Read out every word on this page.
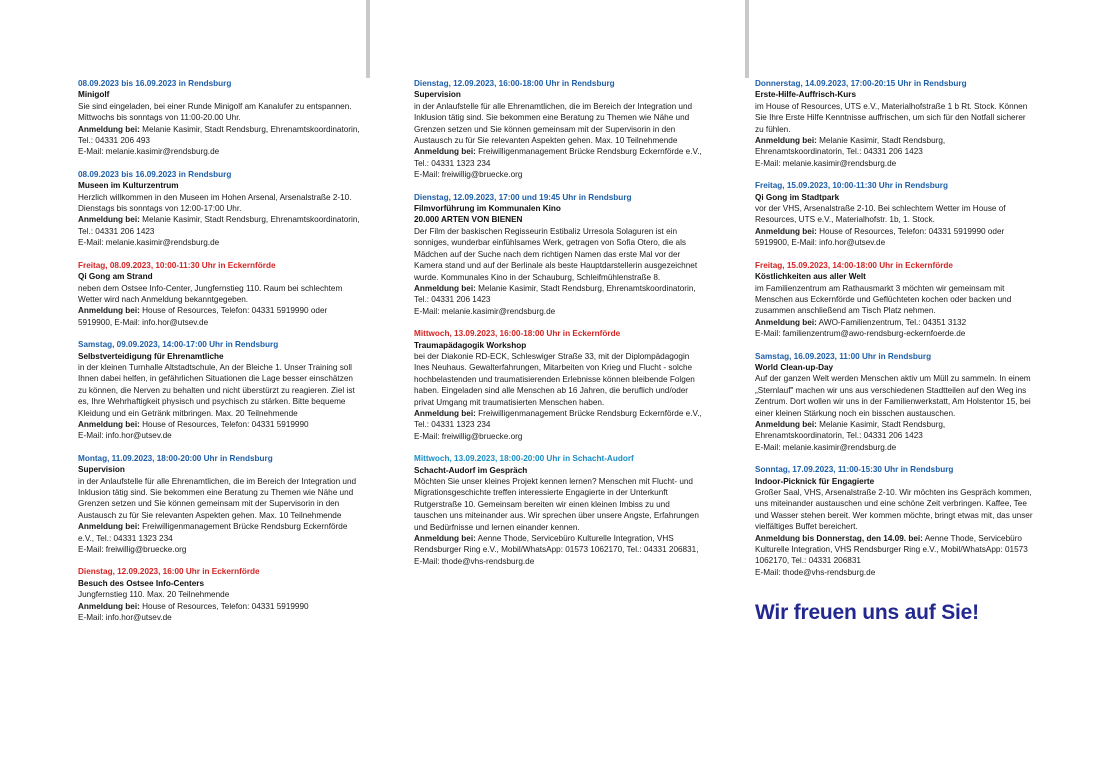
08.09.2023 bis 16.09.2023 in Rendsburg
Minigolf

Sie sind eingeladen, bei einer Runde Minigolf am Kanalufer zu entspannen. Mittwochs bis sonntags von 11:00-20.00 Uhr.

Anmeldung bei: Melanie Kasimir, Stadt Rendsburg, Ehrenamtskoordinatorin, Tel.: 04331 206 493

E-Mail: melanie.kasimir@rendsburg.de

08.09.2023 bis 16.09.2023 in Rendsburg
Museen im Kulturzentrum

Herzlich willkommen in den Museen im Hohen Arsenal, Arsenalstraße 2-10. Dienstags bis sonntags von 12:00-17:00 Uhr.

Anmeldung bei: Melanie Kasimir, Stadt Rendsburg, Ehrenamtskoordinatorin, Tel.: 04331 206 1423

E-Mail: melanie.kasimir@rendsburg.de

Freitag, 08.09.2023, 10:00-11:30 Uhr in Eckernförde
Qi Gong am Strand

neben dem Ostsee Info-Center, Jungfernstieg 110. Raum bei schlechtem Wetter wird nach Anmeldung bekanntgegeben.

Anmeldung bei: House of Resources, Telefon: 04331 5919990 oder 5919900, E-Mail: info.hor@utsev.de

Samstag, 09.09.2023, 14:00-17:00 Uhr in Rendsburg
Selbstverteidigung für Ehrenamtliche

in der kleinen Turnhalle Altstadtschule, An der Bleiche 1. Unser Training soll Ihnen dabei helfen, in gefährlichen Situationen die Lage besser einschätzen zu können, die Nerven zu behalten und nicht überstürzt zu reagieren. Ziel ist es, Ihre Wehrhaftigkeit physisch und psychisch zu stärken. Bitte bequeme Kleidung und ein Getränk mitbringen. Max. 20 Teilnehmende

Anmeldung bei: House of Resources, Telefon: 04331 5919990

E-Mail: info.hor@utsev.de

Montag, 11.09.2023, 18:00-20:00 Uhr in Rendsburg
Supervision

in der Anlaufstelle für alle Ehrenamtlichen, die im Bereich der Integration und Inklusion tätig sind. Sie bekommen eine Beratung zu Themen wie Nähe und Grenzen setzen und Sie können gemeinsam mit der Supervisorin in den Austausch zu für Sie relevanten Aspekten gehen. Max. 10 Teilnehmende

Anmeldung bei: Freiwilligenmanagement Brücke Rendsburg Eckernförde e.V., Tel.: 04331 1323 234

E-Mail: freiwillig@bruecke.org

Dienstag, 12.09.2023, 16:00 Uhr in Eckernförde
Besuch des Ostsee Info-Centers

Jungfernstieg 110. Max. 20 Teilnehmende

Anmeldung bei: House of Resources, Telefon: 04331 5919990

E-Mail: info.hor@utsev.de

Dienstag, 12.09.2023, 16:00-18:00 Uhr in Rendsburg
Supervision

in der Anlaufstelle für alle Ehrenamtlichen, die im Bereich der Integration und Inklusion tätig sind. Sie bekommen eine Beratung zu Themen wie Nähe und Grenzen setzen und Sie können gemeinsam mit der Supervisorin in den Austausch zu für Sie relevanten Aspekten gehen. Max. 10 Teilnehmende

Anmeldung bei: Freiwilligenmanagement Brücke Rendsburg Eckernförde e.V., Tel.: 04331 1323 234

E-Mail: freiwillig@bruecke.org

Dienstag, 12.09.2023, 17:00 und 19:45 Uhr in Rendsburg
Filmvorführung im Kommunalen Kino
20.000 ARTEN VON BIENEN

Der Film der baskischen Regisseurin Estibaliz Urresola Solaguren ist ein sonniges, wunderbar einfühlsames Werk, getragen von Sofia Otero, die als Mädchen auf der Suche nach dem richtigen Namen das erste Mal vor der Kamera stand und auf der Berlinale als beste Hauptdarstellerin ausgezeichnet wurde. Kommunales Kino in der Schauburg, Schleifmühlenstraße 8.

Anmeldung bei: Melanie Kasimir, Stadt Rendsburg, Ehrenamtskoordinatorin, Tel.: 04331 206 1423

E-Mail: melanie.kasimir@rendsburg.de

Mittwoch, 13.09.2023, 16:00-18:00 Uhr in Eckernförde
Traumapädagogik Workshop

bei der Diakonie RD-ECK, Schleswiger Straße 33, mit der Diplompädagogin Ines Neuhaus. Gewalterfahrungen, Mitarbeiten von Krieg und Flucht - solche hochbelastenden und traumatisierenden Erlebnisse können bleibende Folgen haben. Eingeladen sind alle Menschen ab 16 Jahren, die beruflich und/oder privat Umgang mit traumatisierten Menschen haben.

Anmeldung bei: Freiwilligenmanagement Brücke Rendsburg Eckernförde e.V., Tel.: 04331 1323 234

E-Mail: freiwillig@bruecke.org

Mittwoch, 13.09.2023, 18:00-20:00 Uhr in Schacht-Audorf
Schacht-Audorf im Gespräch

Möchten Sie unser kleines Projekt kennen lernen? Menschen mit Flucht- und Migrationsgeschichte treffen interessierte Engagierte in der Unterkunft Rutgerstraße 10. Gemeinsam bereiten wir einen kleinen Imbiss zu und tauschen uns miteinander aus. Wir sprechen über unsere Angste, Erfahrungen und Bedürfnisse und lernen einander kennen.

Anmeldung bei: Aenne Thode, Servicebüro Kulturelle Integration, VHS Rendsburger Ring e.V., Mobil/WhatsApp: 01573 1062170, Tel.: 04331 206831, E-Mail: thode@vhs-rendsburg.de

Donnerstag, 14.09.2023, 17:00-20:15 Uhr in Rendsburg
Erste-Hilfe-Auffrisch-Kurs

im House of Resources, UTS e.V., Materialhofstraße 1 b Rt. Stock. Können Sie Ihre Erste Hilfe Kenntnisse auffrischen, um sich für den Notfall sicherer zu fühlen.

Anmeldung bei: Melanie Kasimir, Stadt Rendsburg, Ehrenamtskoordinatorin, Tel.: 04331 206 1423

E-Mail: melanie.kasimir@rendsburg.de

Freitag, 15.09.2023, 10:00-11:30 Uhr in Rendsburg
Qi Gong im Stadtpark

vor der VHS, Arsenalstraße 2-10. Bei schlechtem Wetter im House of Resources, UTS e.V., Materialhofstr. 1b, 1. Stock.

Anmeldung bei: House of Resources, Telefon: 04331 5919990 oder 5919900, E-Mail: info.hor@utsev.de

Freitag, 15.09.2023, 14:00-18:00 Uhr in Eckernförde
Köstlichkeiten aus aller Welt

im Familienzentrum am Rathausmarkt 3 möchten wir gemeinsam mit Menschen aus Eckernförde und Geflüchteten kochen oder backen und zusammen anschließend am Tisch Platz nehmen.

Anmeldung bei: AWO-Familienzentrum, Tel.: 04351 3132

E-Mail: familienzentrum@awo-rendsburg-eckernfoerde.de

Samstag, 16.09.2023, 11:00 Uhr in Rendsburg
World Clean-up-Day

Auf der ganzen Welt werden Menschen aktiv um Müll zu sammeln. In einem „Sternlauf" machen wir uns aus verschiedenen Stadtteilen auf den Weg ins Zentrum. Dort wollen wir uns in der Familienwerkstatt, Am Holstentor 15, bei einer kleinen Stärkung noch ein bisschen austauschen.

Anmeldung bei: Melanie Kasimir, Stadt Rendsburg, Ehrenamtskoordinatorin, Tel.: 04331 206 1423

E-Mail: melanie.kasimir@rendsburg.de

Sonntag, 17.09.2023, 11:00-15:30 Uhr in Rendsburg
Indoor-Picknick für Engagierte

Großer Saal, VHS, Arsenalstraße 2-10. Wir möchten ins Gespräch kommen, uns miteinander austauschen und eine schöne Zeit verbringen. Kaffee, Tee und Wasser stehen bereit. Wer kommen möchte, bringt etwas mit, das unser vielfältiges Buffet bereichert.

Anmeldung bis Donnerstag, den 14.09. bei: Aenne Thode, Servicebüro Kulturelle Integration, VHS Rendsburger Ring e.V., Mobil/WhatsApp: 01573 1062170, Tel.: 04331 206831

E-Mail: thode@vhs-rendsburg.de

Wir freuen uns auf Sie!
